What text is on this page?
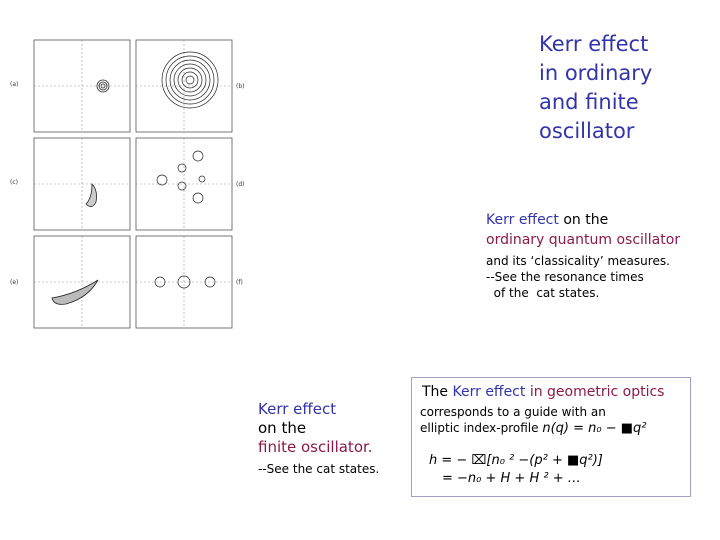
(a)	(b)
(c)	(d)
(e)	(f)
Kerr effect
in ordinary
and finite
oscillator
Kerr effect on the
ordinary quantum oscillator
and its ‘classicality’ measures.
--See the resonance times
of the  cat states.
Kerr effect
on the
finite oscillator.
--See the cat states.
The Kerr effect in geometric optics
corresponds to a guide with an
elliptic index-profile n(q) = n₀ − ■q²
h = − ⌧[n₀ ² −(p² + ■q²)]
= −n₀ + H + H ² + …
